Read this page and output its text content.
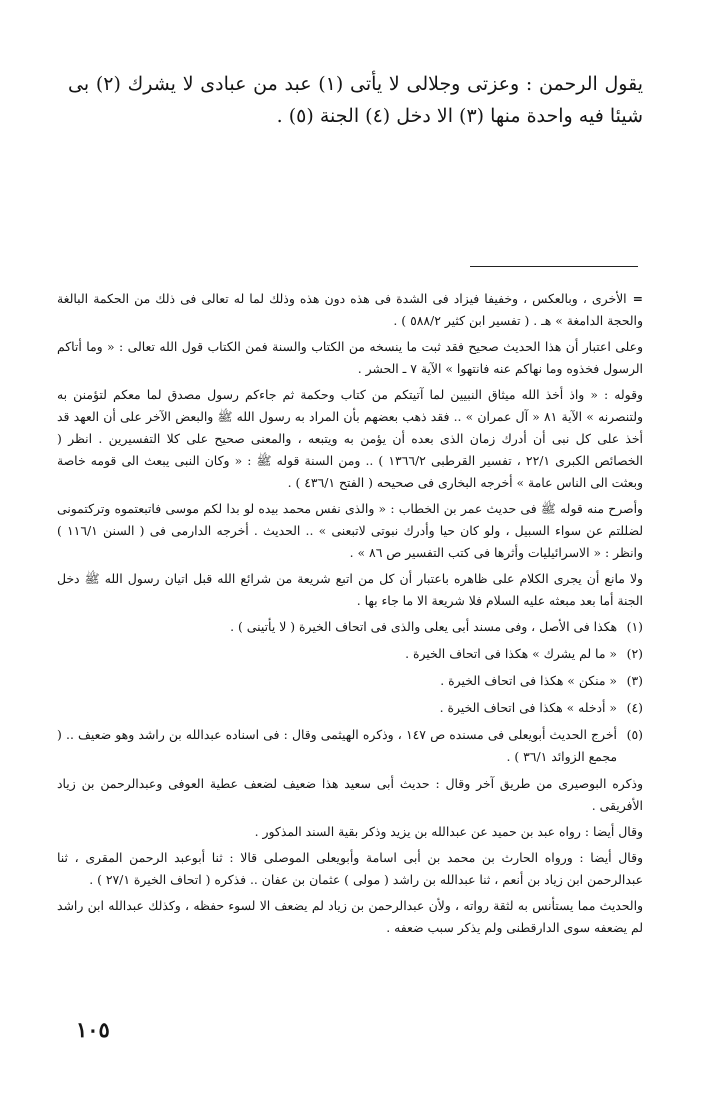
يقول الرحمن : وعزتى وجلالى لا يأتى (١) عبد من عبادى لا يشرك (٢) بى شيئا فيه واحدة منها (٣) الا دخل (٤) الجنة (٥) .

=الأخرى ، وبالعكس ، وخفيفا فيزاد فى الشدة فى هذه دون هذه وذلك لما له تعالى فى ذلك من الحكمة البالغة والحجة الدامغة » هـ . ( تفسير ابن كثير ٥٨٨/٢ ) .

وعلى اعتبار أن هذا الحديث صحيح فقد ثبت ما ينسخه من الكتاب والسنة فمن الكتاب قول الله تعالى : « وما أتاكم الرسول فخذوه وما نهاكم عنه فانتهوا » الآية ٧ ـ الحشر .

وقوله : « واذ أخذ الله ميثاق النبيين لما آتيتكم من كتاب وحكمة ثم جاءكم رسول مصدق لما معكم لتؤمنن به ولتنصرنه » الآية ٨١ « آل عمران » .. فقد ذهب بعضهم بأن المراد به رسول الله ﷺ والبعض الآخر على أن العهد قد أخذ على كل نبى أن أدرك زمان الذى بعده أن يؤمن به ويتبعه ، والمعنى صحيح على كلا التفسيرين . انظر ( الخصائص الكبرى ٢٢/١ ، تفسير القرطبى ١٣٦٦/٢ ) .. ومن السنة قوله ﷺ : « وكان النبى يبعث الى قومه خاصة وبعثت الى الناس عامة » أخرجه البخارى فى صحيحه ( الفتح ٤٣٦/١ ) .

وأصرح منه قوله ﷺ فى حديث عمر بن الخطاب : « والذى نفس محمد بيده لو بدا لكم موسى فاتبعتموه وتركتمونى لضللتم عن سواء السبيل ، ولو كان حيا وأدرك نبوتى لاتبعنى » .. الحديث . أخرجه الدارمى فى ( السنن ١١٦/١ ) وانظر : « الاسرائيليات وأثرها فى كتب التفسير ص ٨٦ » .

ولا مانع أن يجرى الكلام على ظاهره باعتبار أن كل من اتبع شريعة من شرائع الله قبل اتيان رسول الله ﷺ دخل الجنة أما بعد مبعثه عليه السلام فلا شريعة الا ما جاء بها .

(١)
هكذا فى الأصل ، وفى مسند أبى يعلى والذى فى اتحاف الخيرة ( لا يأتينى ) .
(٢)
« ما لم يشرك » هكذا فى اتحاف الخيرة .
(٣)
« منكن » هكذا فى اتحاف الخيرة .
(٤)
« أدخله » هكذا فى اتحاف الخيرة .
(٥)
أخرج الحديث أبويعلى فى مسنده ص ١٤٧ ، وذكره الهيثمى وقال : فى اسناده عبدالله بن راشد وهو ضعيف .. ( مجمع الزوائد ٣٦/١ ) .

وذكره البوصيرى من طريق آخر وقال : حديث أبى سعيد هذا ضعيف لضعف عطية العوفى وعبدالرحمن بن زياد الأفريقى .

وقال أيضا : رواه عبد بن حميد عن عبدالله بن يزيد وذكر بقية السند المذكور .

وقال أيضا : ورواه الحارث بن محمد بن أبى اسامة وأبويعلى الموصلى قالا : ثنا أبوعبد الرحمن المقرى ، ثنا عبدالرحمن ابن زياد بن أنعم ، ثنا عبدالله بن راشد ( مولى ) عثمان بن عفان .. فذكره ( اتحاف الخيرة ٢٧/١ ) .

والحديث مما يستأنس به لثقة رواته ، ولأن عبدالرحمن بن زياد لم يضعف الا لسوء حفظه ، وكذلك عبدالله ابن راشد لم يضعفه سوى الدارقطنى ولم يذكر سبب ضعفه .

١٠٥
